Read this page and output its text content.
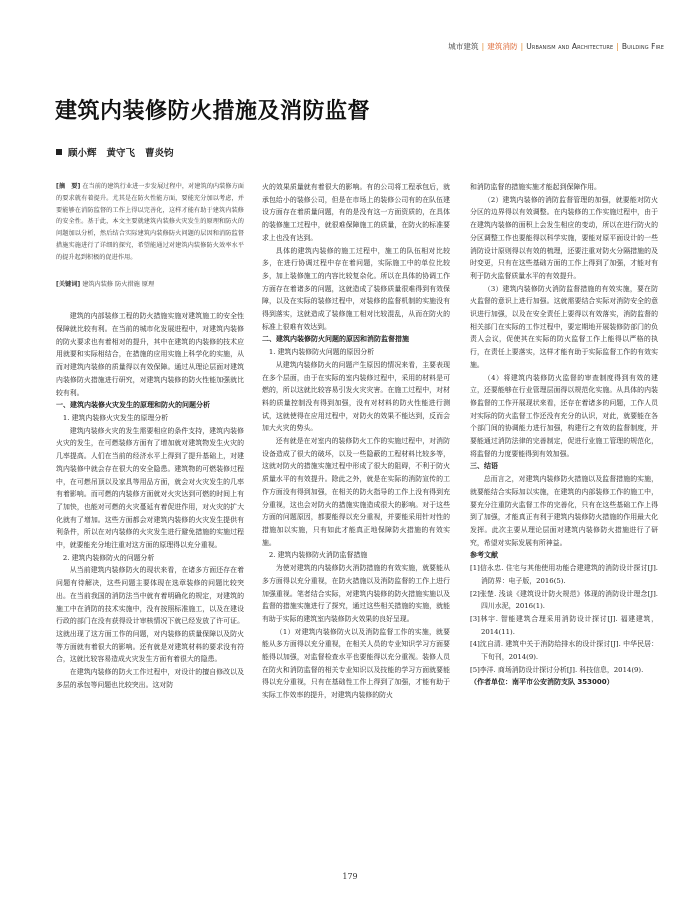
城市建筑 | 建筑消防 | Urbanism and Architecture | Building Fire
建筑内装修防火措施及消防监督
顾小辉 黄守飞 曹炎钧
[摘　要] 在当前的建筑行业进一步发展过程中，对建筑的内装修方面的要求就有着提升。尤其是在防火性能方面，要能充分加以考虑，并要能够在消防监督的工作上得以完善化，这样才能有助于建筑内装修的安全性。基于此，本文主要就建筑内装修火灾发生的原理和防火的问题加以分析，然后结合实际建筑内装修防火问题的层因和消防监督措施实施进行了详细的探究，希望能通过对建筑内装修防火效率水平的提升起到积极的促进作用。
[关键词] 建筑内装修 防火措施 原理

建筑的内部装修工程的防火措施实施对建筑施工的安全性保障就比较有利。在当前的城市化发展进程中，对建筑内装修的防火要求也有着相对的提升，其中在建筑的内装修的技术应用就要和实际相结合，在措施的应用实施上科学化的实施，从而对建筑内装修的质量得以有效保障。通过从理论层面对建筑内装修防火措施进行研究，对建筑内装修的防火性能加强就比较有利。

一、建筑内装修火灾发生的原理和防火的问题分析
1. 建筑内装修火灾发生的原理分析

建筑内装修火灾的发生需要相应的条件支持，建筑内装修火灾的发生，在可燃装修方面有了增加就对建筑物发生火灾的几率提高。人们在当前的经济水平上得到了提升基础上，对建筑内装修中就会存在很大的安全隐患。建筑物的可燃装修过程中，在可燃吊顶以及家具等用品方面，就会对火灾发生的几率有着影响。而可燃的内装修方面就对火灾达到可燃的时间上有了加快，也能对可燃的火灾蔓延有着促进作用，对火灾的扩大化就有了增加。这些方面都会对建筑内装修的火灾发生提供有利条件，所以在对内装修的火灾发生进行避免措施的实施过程中，就要能充分地注重对这方面的原理得以充分重视。

2. 建筑内装修防火的问题分析

从当前建筑内装修防火的现状来看，在诸多方面还存在着问题有待解决，这些问题主要体现在选章装修的问题比较突出。在当前我国的消防法当中就有着明确化的规定，对建筑的施工中在消防的技术实施中，没有按照标准施工，以及在建设行政的部门在没有获得设计审核情况下就已经发放了许可证。这就出现了这方面工作的问题，对内装修的质量保障以及防火等方面就有着很大的影响。还有就是对建筑材料的要求没有符合，这就比较容易造成火灾发生方面有着很大的隐患。

在建筑内装修的防火工作过程中，对设计的擅自修改以及多层的承包等问题也比较突出。这对防

火的效果质量就有着很大的影响。有的公司将工程承包后，就承包给小的装修公司，但是在市场上的装修公司有的在队伍建设方面存在着质量问题，有的是没有这一方面资质的，在具体的装修施工过程中，就很难保障施工的质量，在防火的标准要求上也没有达到。

具体的建筑内装修的施工过程中，施工的队伍相对比较多，在进行协调过程中存在着问题，实际施工中的单位比较多，加上装修施工的内容比较复杂化。所以在具体的协调工作方面存在着诸多的问题，这就造成了装修质量很难得到有效保障，以及在实际的装修过程中，对装修的监督机制的实施没有得到落实，这就造成了装修施工相对比较混乱，从而在防火的标准上很难有效达到。

二、建筑内装修防火问题的原因和消防监督措施
1. 建筑内装修防火问题的原因分析

从建筑内装修防火的问题产生原因的情况来看，主要表现在多个层面，由于在实际的室内装修过程中，采用的材料是可燃的，所以这就比较容易引发火灾灾害。在施工过程中，对材料的质量控制没有得到加强，没有对材料的防火性能进行测试，这就使得在应用过程中，对防火的效果不能达到，反而会加大火灾的势头。

还有就是在对室内的装修防火工作的实施过程中，对消防设备造成了很大的破坏，以及一些隐蔽的工程材料比较多等，这就对防火的措施实施过程中形成了很大的阻碍，不利于防火质量水平的有效提升。除此之外，就是在实际的消防宣传的工作方面没有得到加强，在相关的防火指导的工作上没有得到充分重视，这也会对防火的措施实施造成很大的影响。对于这些方面的问题原因，都要能得以充分重视，并要能采用针对性的措施加以实施，只有如此才能真正地保障防火措施的有效实施。

2. 建筑内装修防火消防监督措施

为使对建筑的内装修防火消防措施的有效实施，就要能从多方面得以充分重视，在防火措施以及消防监督的工作上进行加强重视。笔者结合实际，对建筑内装修的防火措施实施以及监督的措施实施进行了探究，通过这些相关措施的实施，就能有助于实际的建筑室内装修防火效果的良好呈现。

（1）对建筑内装修防火以及消防监督工作的实施，就要能从多方面得以充分重视，在相关人员的专业知识学习方面要能得以加强，对监督检查水平也要能得以充分重视。装修人员在防火和消防监督的相关专业知识以及技能的学习方面就要能得以充分重视，只有在基础性工作上得到了加强，才能有助于实际工作效率的提升，对建筑内装修的防火

和消防监督的措施实施才能起到保障作用。

（2）建筑内装修的消防监督管理的加强，就要能对防火分区的边界得以有效调整。在内装修的工作实施过程中，由于在建筑内装修的面积上会发生相应的变动，所以在进行防火的分区调整工作也要能得以科学实施，要能对原平面设计的一些消防设计原则得以有效的梳理，还要注重对防火分隔措施的及时变更，只有在这些基础方面的工作上得到了加强，才能对有利于防火监督质量水平的有效提升。

（3）建筑内装修防火消防监督措施的有效实施，要在防火监督的意识上进行加强。这就需要结合实际对消防安全的意识进行加强，以及在安全责任上要得以有效落实，消防监督的相关部门在实际的工作过程中，要定期地开展装修防部门的负责人会议，促使其在实际的防火监督工作上能得以严格的执行，在责任上要落实，这样才能有助于实际监督工作的有效实施。

（4）将建筑内装修防火监督的审查制度得到有效的建立，还要能够在行业管理层面得以规范化实施。从具体的内装修监督的工作开展现状来看，还存在着诸多的问题，工作人员对实际的防火监督工作还没有充分的认识，对此，就要能在各个部门间的协调能力进行加强，构建行之有效的监督制度，并要能通过消防法律的完善制定，促进行业施工管理的规范化，将监督的力度要能得到有效加强。

三、结语

总而言之，对建筑内装修防火措施以及监督措施的实施，就要能结合实际加以实施，在建筑的内部装修工作的施工中，要充分注重防火监督工作的完善化，只有在这些基础工作上得到了加强，才能真正有利于建筑内装修防火措施的作用最大化发挥。此次主要从理论层面对建筑内装修防火措施进行了研究，希望对实际发展有所神益。

参考文献
[1]信永忠. 住宅与其他使用功能合建建筑的消防设计探讨[J]. 消防界：电子版，2016(5).
[2]张楚. 浅谈《建筑设计防火规范》体现的消防设计理念[J]. 四川水泥，2016(1).
[3]林宇. 智能建筑合理采用消防设计探讨[J]. 福建建筑，2014(11).
[4]沈自清. 建筑中关于消防给排水的设计探讨[J]. 中华民居：下旬刊，2014(9).
[5]李洋. 商场消防设计探讨分析[J]. 科技信息，2014(9).
（作者单位：南平市公安消防支队 353000）
179
